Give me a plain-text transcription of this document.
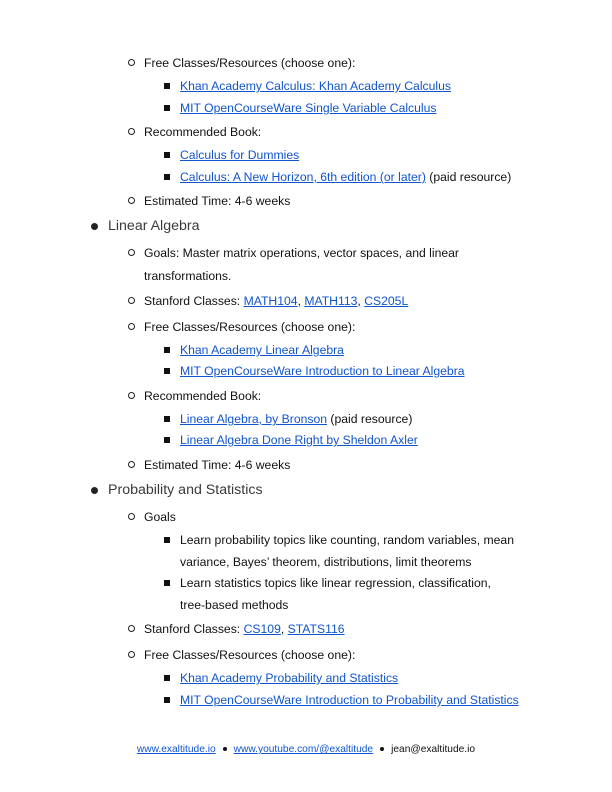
Free Classes/Resources (choose one):
Khan Academy Calculus: Khan Academy Calculus
MIT OpenCourseWare Single Variable Calculus
Recommended Book:
Calculus for Dummies
Calculus: A New Horizon, 6th edition (or later) (paid resource)
Estimated Time: 4-6 weeks
Linear Algebra
Goals: Master matrix operations, vector spaces, and linear
transformations.
Stanford Classes: MATH104, MATH113, CS205L
Free Classes/Resources (choose one):
Khan Academy Linear Algebra
MIT OpenCourseWare Introduction to Linear Algebra
Recommended Book:
Linear Algebra, by Bronson (paid resource)
Linear Algebra Done Right by Sheldon Axler
Estimated Time: 4-6 weeks
Probability and Statistics
Goals
Learn probability topics like counting, random variables, mean
variance, Bayes’ theorem, distributions, limit theorems
Learn statistics topics like linear regression, classification,
tree-based methods
Stanford Classes: CS109, STATS116
Free Classes/Resources (choose one):
Khan Academy Probability and Statistics
MIT OpenCourseWare Introduction to Probability and Statistics
www.exaltitude.io www.youtube.com/@exaltitude jean@exaltitude.io
